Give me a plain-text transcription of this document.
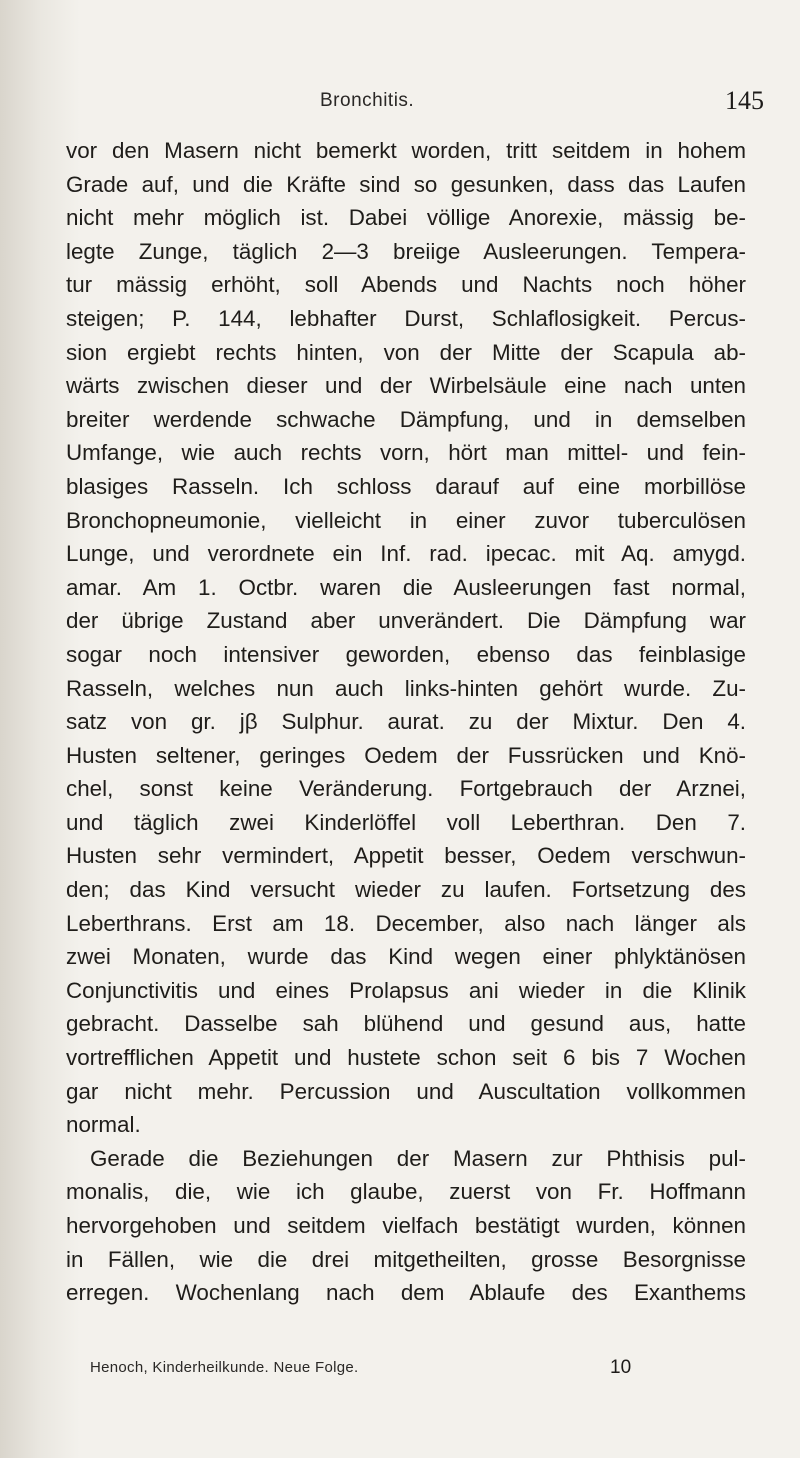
Bronchitis.	145
vor den Masern nicht bemerkt worden, tritt seitdem in hohem
Grade auf, und die Kräfte sind so gesunken, dass das Laufen
nicht mehr möglich ist. Dabei völlige Anorexie, mässig be-
legte Zunge, täglich 2—3 breiige Ausleerungen. Tempera-
tur mässig erhöht, soll Abends und Nachts noch höher
steigen; P. 144, lebhafter Durst, Schlaflosigkeit. Percus-
sion ergiebt rechts hinten, von der Mitte der Scapula ab-
wärts zwischen dieser und der Wirbelsäule eine nach unten
breiter werdende schwache Dämpfung, und in demselben
Umfange, wie auch rechts vorn, hört man mittel- und fein-
blasiges Rasseln. Ich schloss darauf auf eine morbillöse
Bronchopneumonie, vielleicht in einer zuvor tuberculösen
Lunge, und verordnete ein Inf. rad. ipecac. mit Aq. amygd.
amar. Am 1. Octbr. waren die Ausleerungen fast normal,
der übrige Zustand aber unverändert. Die Dämpfung war
sogar noch intensiver geworden, ebenso das feinblasige
Rasseln, welches nun auch links-hinten gehört wurde. Zu-
satz von gr. jβ Sulphur. aurat. zu der Mixtur. Den 4.
Husten seltener, geringes Oedem der Fussrücken und Knö-
chel, sonst keine Veränderung. Fortgebrauch der Arznei,
und täglich zwei Kinderlöffel voll Leberthran. Den 7.
Husten sehr vermindert, Appetit besser, Oedem verschwun-
den; das Kind versucht wieder zu laufen. Fortsetzung des
Leberthrans. Erst am 18. December, also nach länger als
zwei Monaten, wurde das Kind wegen einer phlyktänösen
Conjunctivitis und eines Prolapsus ani wieder in die Klinik
gebracht. Dasselbe sah blühend und gesund aus, hatte
vortrefflichen Appetit und hustete schon seit 6 bis 7 Wochen
gar nicht mehr. Percussion und Auscultation vollkommen
normal.
Gerade die Beziehungen der Masern zur Phthisis pul-
monalis, die, wie ich glaube, zuerst von Fr. Hoffmann
hervorgehoben und seitdem vielfach bestätigt wurden, können
in Fällen, wie die drei mitgetheilten, grosse Besorgnisse
erregen. Wochenlang nach dem Ablaufe des Exanthems
Henoch, Kinderheilkunde. Neue Folge.	10
